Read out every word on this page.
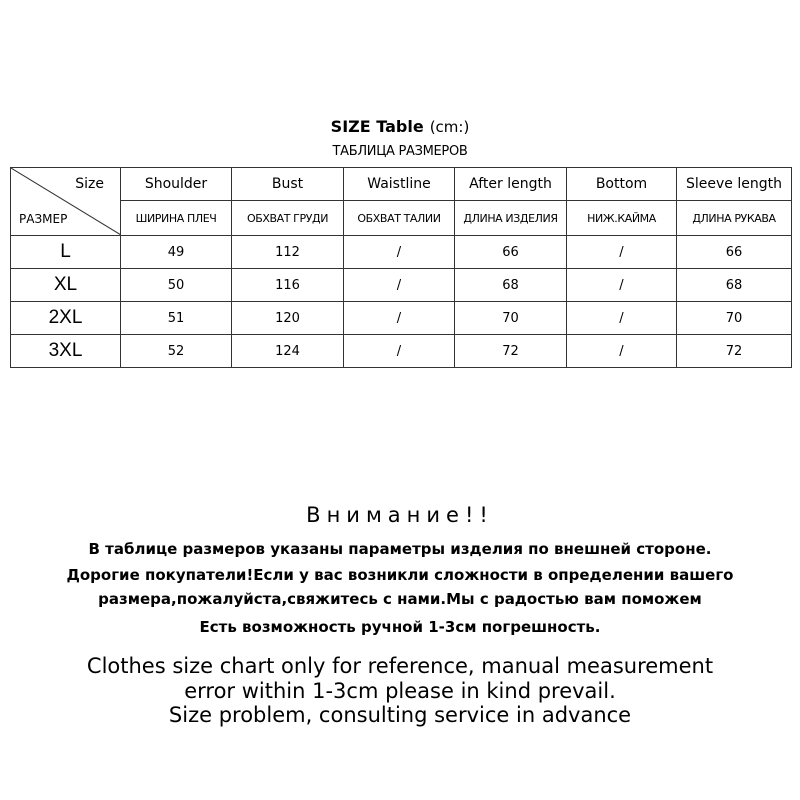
SIZE Table (cm:)
ТАБЛИЦА РАЗМЕРОВ
Size
РАЗМЕР	Shoulder	Bust	Waistline	After length	Bottom	Sleeve length
	ШИРИНА ПЛЕЧ	ОБХВАТ ГРУДИ	ОБХВАТ ТАЛИИ	ДЛИНА ИЗДЕЛИЯ	НИЖ.КАЙМА	ДЛИНА РУКАВА
L	49	112	/	66	/	66
XL	50	116	/	68	/	68
2XL	51	120	/	70	/	70
3XL	52	124	/	72	/	72
Внимание!!
В таблице размеров указаны параметры изделия по внешней стороне.
Дорогие покупатели!Если у вас возникли сложности в определении вашего
размера,пожалуйста,свяжитесь с нами.Мы с радостью вам поможем
Есть возможность ручной 1-3см погрешность.
Clothes size chart only for reference, manual measurement
error within 1-3cm please in kind prevail.
Size problem, consulting service in advance
